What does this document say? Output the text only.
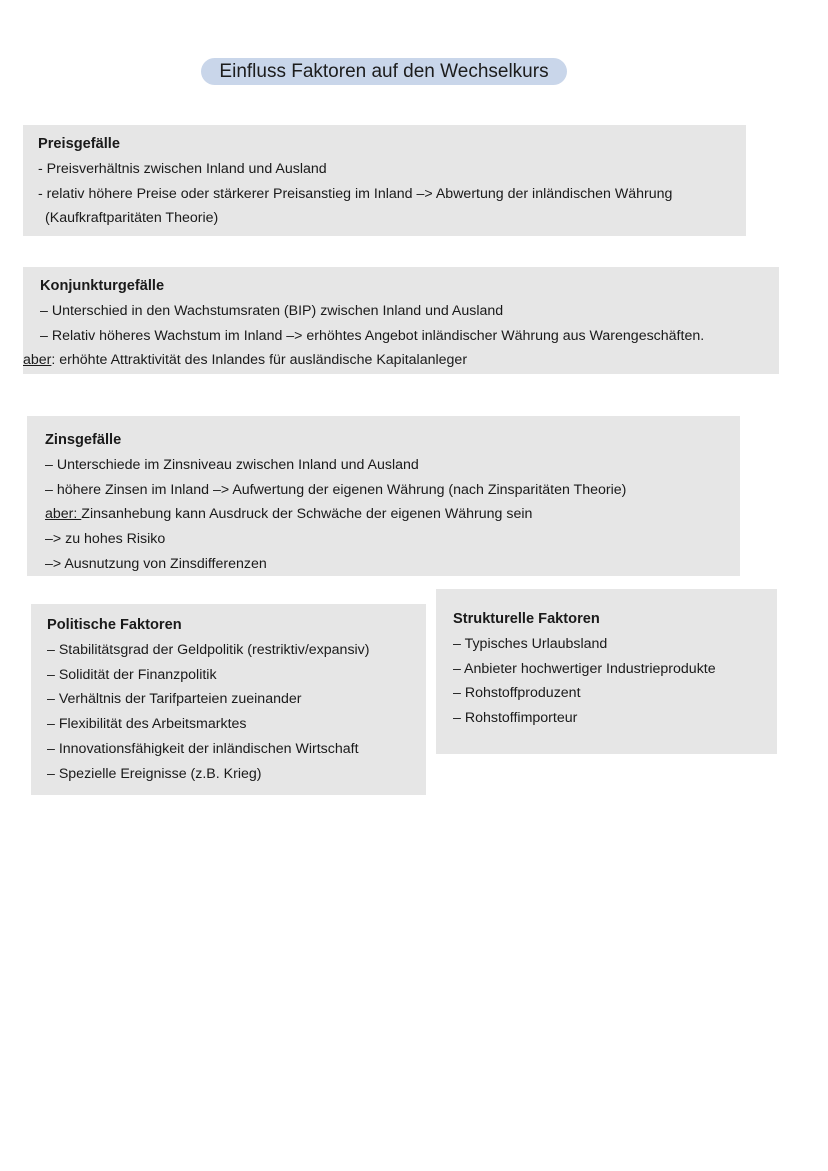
Einfluss Faktoren auf den Wechselkurs
Preisgefälle
- Preisverhältnis zwischen Inland und Ausland
- relativ höhere Preise oder stärkerer Preisanstieg im Inland –> Abwertung der inländischen Währung
(Kaufkraftparitäten Theorie)
Konjunkturgefälle
– Unterschied in den Wachstumsraten (BIP) zwischen Inland und Ausland
– Relativ höheres Wachstum im Inland –> erhöhtes Angebot inländischer Währung aus Warengeschäften.
aber: erhöhte Attraktivität des Inlandes für ausländische Kapitalanleger
Zinsgefälle
– Unterschiede im Zinsniveau zwischen Inland und Ausland
– höhere Zinsen im Inland –> Aufwertung der eigenen Währung (nach Zinsparitäten Theorie)
aber: Zinsanhebung kann Ausdruck der Schwäche der eigenen Währung sein
–> zu hohes Risiko
–> Ausnutzung von Zinsdifferenzen
Politische Faktoren
– Stabilitätsgrad der Geldpolitik (restriktiv/expansiv)
– Solidität der Finanzpolitik
– Verhältnis der Tarifparteien zueinander
– Flexibilität des Arbeitsmarktes
– Innovationsfähigkeit der inländischen Wirtschaft
– Spezielle Ereignisse (z.B. Krieg)
Strukturelle Faktoren
– Typisches Urlaubsland
– Anbieter hochwertiger Industrieprodukte
– Rohstoffproduzent
– Rohstoffimporteur
